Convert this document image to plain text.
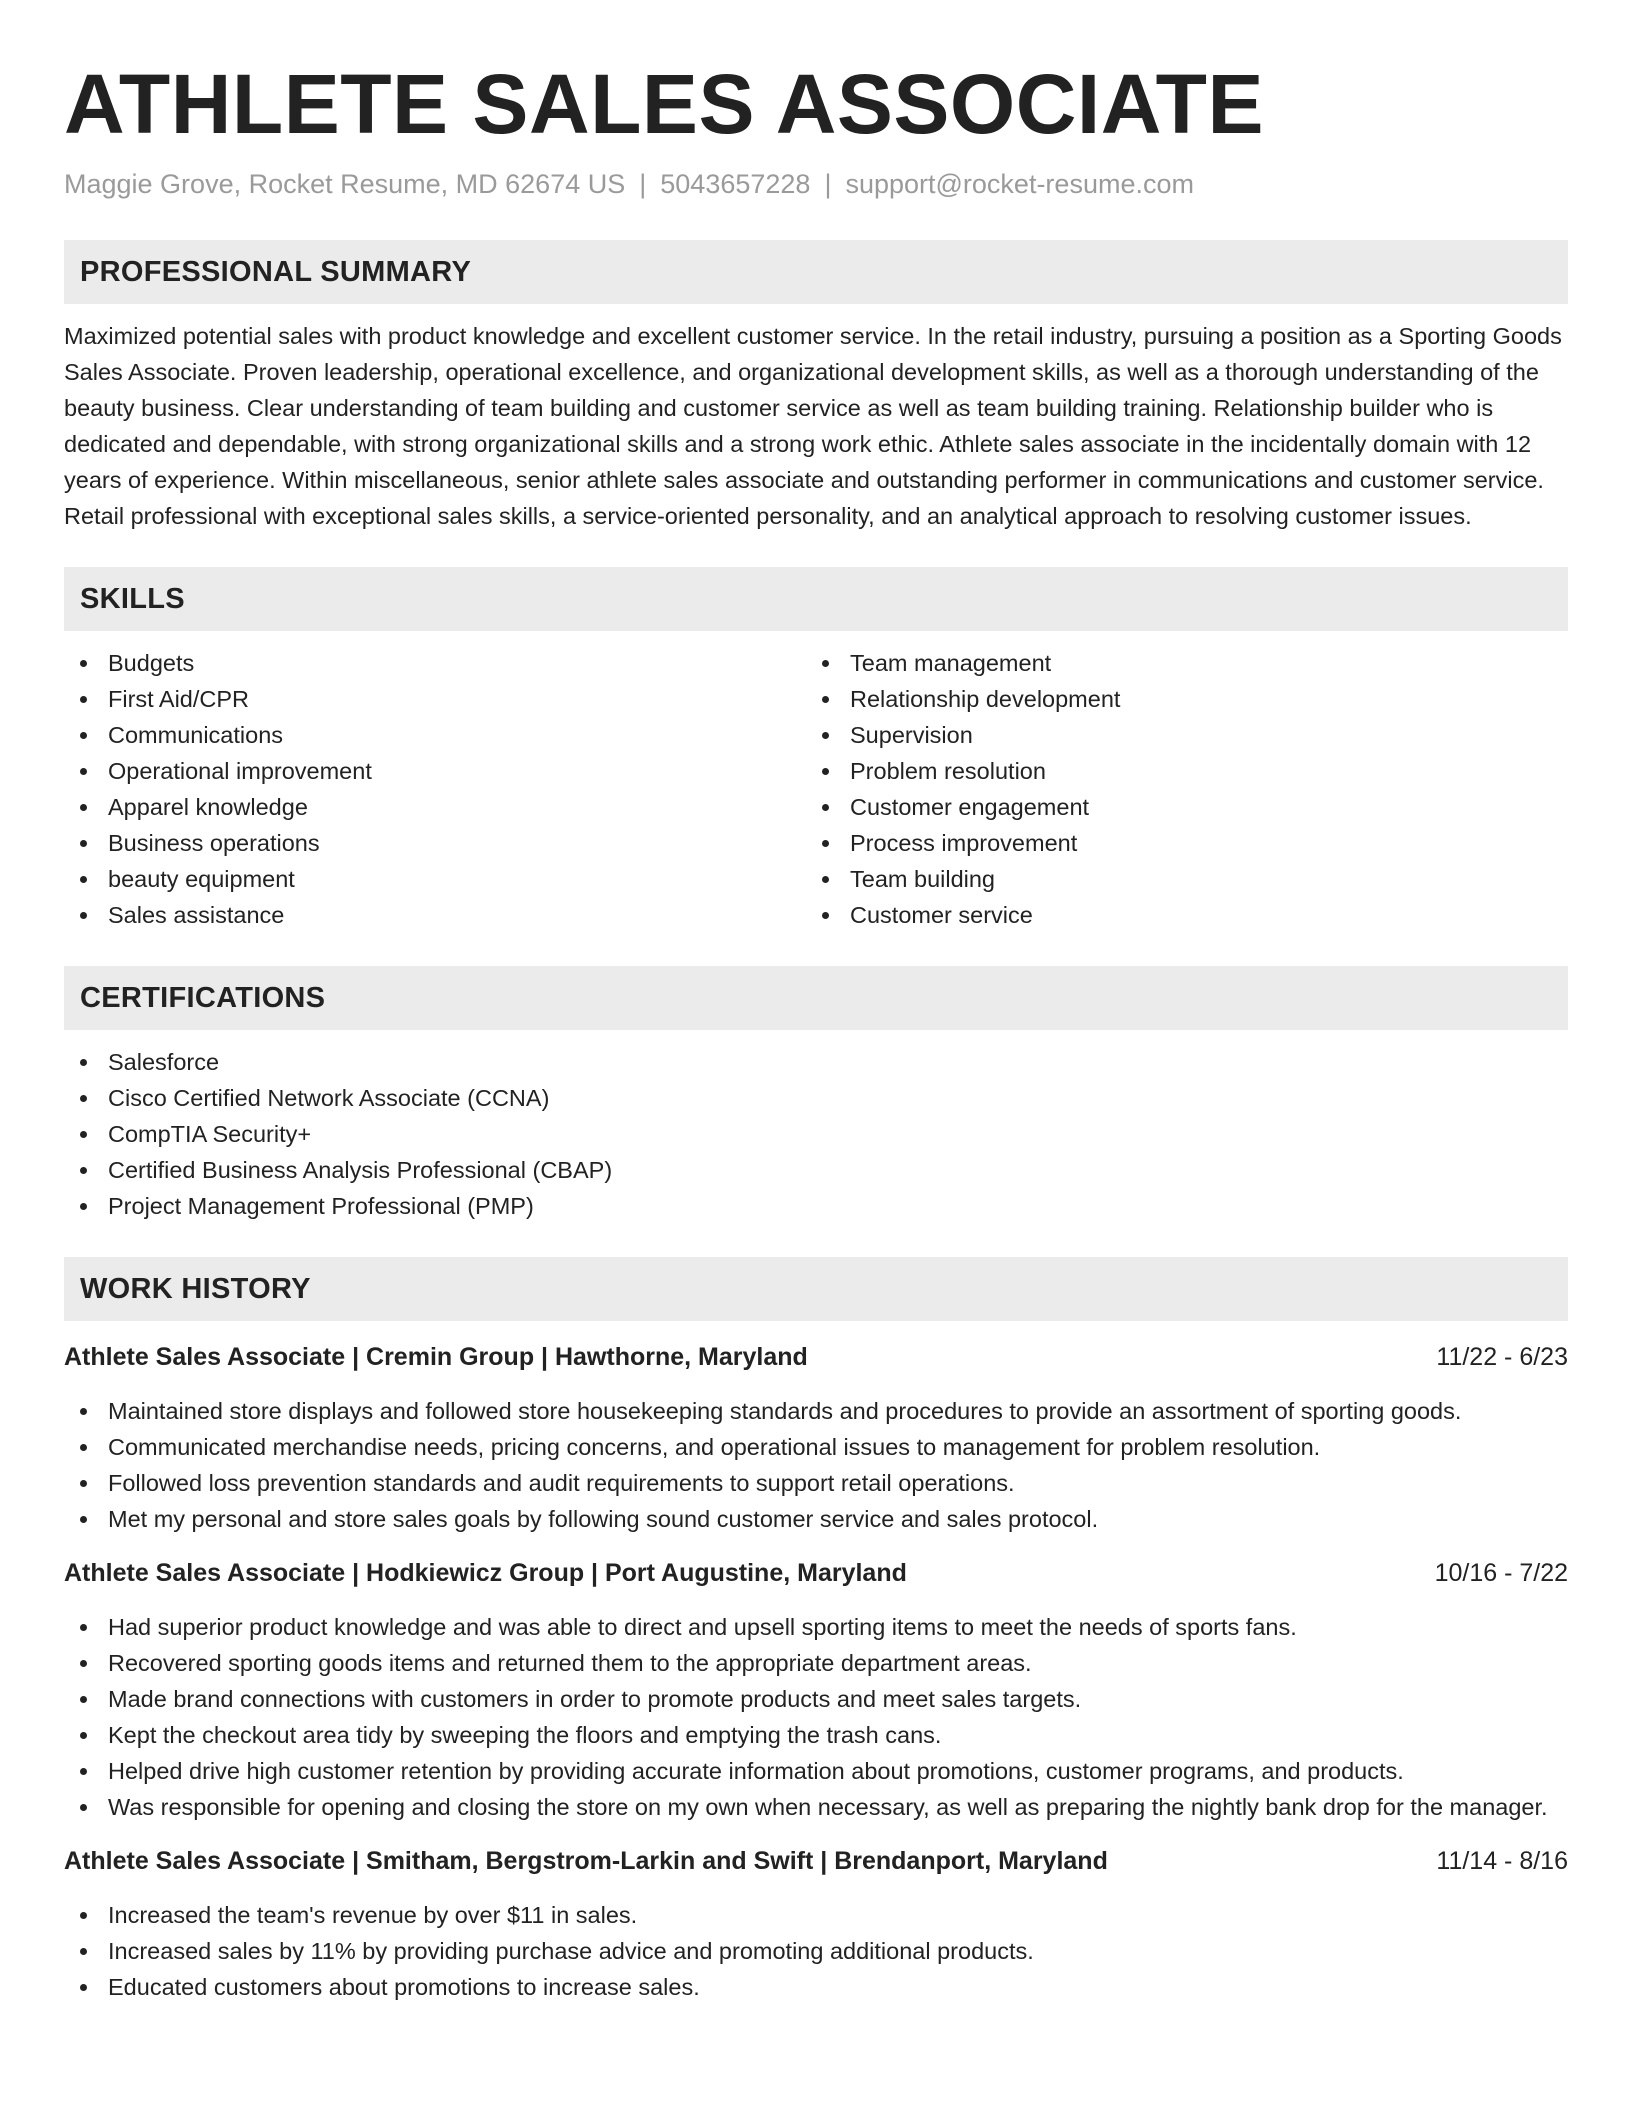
ATHLETE SALES ASSOCIATE
Maggie Grove, Rocket Resume, MD 62674 US | 5043657228 | support@rocket-resume.com
PROFESSIONAL SUMMARY

Maximized potential sales with product knowledge and excellent customer service. In the retail industry, pursuing a position as a Sporting Goods Sales Associate. Proven leadership, operational excellence, and organizational development skills, as well as a thorough understanding of the beauty business. Clear understanding of team building and customer service as well as team building training. Relationship builder who is dedicated and dependable, with strong organizational skills and a strong work ethic. Athlete sales associate in the incidentally domain with 12 years of experience. Within miscellaneous, senior athlete sales associate and outstanding performer in communications and customer service. Retail professional with exceptional sales skills, a service-oriented personality, and an analytical approach to resolving customer issues.

SKILLS
Budgets
First Aid/CPR
Communications
Operational improvement
Apparel knowledge
Business operations
beauty equipment
Sales assistance
Team management
Relationship development
Supervision
Problem resolution
Customer engagement
Process improvement
Team building
Customer service
CERTIFICATIONS
Salesforce
Cisco Certified Network Associate (CCNA)
CompTIA Security+
Certified Business Analysis Professional (CBAP)
Project Management Professional (PMP)
WORK HISTORY
Athlete Sales Associate | Cremin Group | Hawthorne, Maryland	11/22 - 6/23
Maintained store displays and followed store housekeeping standards and procedures to provide an assortment of sporting goods.
Communicated merchandise needs, pricing concerns, and operational issues to management for problem resolution.
Followed loss prevention standards and audit requirements to support retail operations.
Met my personal and store sales goals by following sound customer service and sales protocol.
Athlete Sales Associate | Hodkiewicz Group | Port Augustine, Maryland	10/16 - 7/22
Had superior product knowledge and was able to direct and upsell sporting items to meet the needs of sports fans.
Recovered sporting goods items and returned them to the appropriate department areas.
Made brand connections with customers in order to promote products and meet sales targets.
Kept the checkout area tidy by sweeping the floors and emptying the trash cans.
Helped drive high customer retention by providing accurate information about promotions, customer programs, and products.
Was responsible for opening and closing the store on my own when necessary, as well as preparing the nightly bank drop for the manager.
Athlete Sales Associate | Smitham, Bergstrom-Larkin and Swift | Brendanport, Maryland	11/14 - 8/16
Increased the team's revenue by over $11 in sales.
Increased sales by 11% by providing purchase advice and promoting additional products.
Educated customers about promotions to increase sales.
